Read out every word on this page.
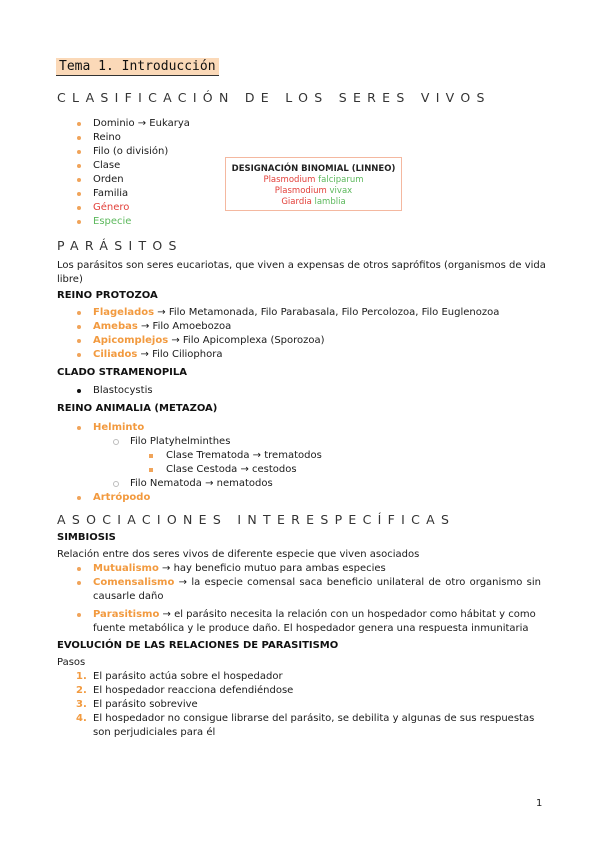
Tema 1. Introducción
CLASIFICACIÓN DE LOS SERES VIVOS
Dominio → Eukarya
Reino
Filo (o división)
Clase
Orden
Familia
Género
Especie
DESIGNACIÓN BINOMIAL (LINNEO)
Plasmodium falciparum
Plasmodium vivax
Giardia lamblia
PARÁSITOS
Los parásitos son seres eucariotas, que viven a expensas de otros saprófitos (organismos de vida
libre)
REINO PROTOZOA
Flagelados → Filo Metamonada, Filo Parabasala, Filo Percolozoa, Filo Euglenozoa
Amebas → Filo Amoebozoa
Apicomplejos → Filo Apicomplexa (Sporozoa)
Ciliados → Filo Ciliophora
CLADO STRAMENOPILA
Blastocystis
REINO ANIMALIA (METAZOA)
Helminto
Filo Platyhelminthes
Clase Trematoda → trematodos
Clase Cestoda → cestodos
Filo Nematoda → nematodos
Artrópodo
ASOCIACIONES INTERESPECÍFICAS
SIMBIOSIS
Relación entre dos seres vivos de diferente especie que viven asociados
Mutualismo → hay beneficio mutuo para ambas especies
Comensalismo → la especie comensal saca beneficio unilateral de otro organismo sin
causarle daño
Parasitismo → el parásito necesita la relación con un hospedador como hábitat y como
fuente metabólica y le produce daño. El hospedador genera una respuesta inmunitaria
EVOLUCIÓN DE LAS RELACIONES DE PARASITISMO
Pasos
1. El parásito actúa sobre el hospedador
2. El hospedador reacciona defendiéndose
3. El parásito sobrevive
4. El hospedador no consigue librarse del parásito, se debilita y algunas de sus respuestas
son perjudiciales para él
1
